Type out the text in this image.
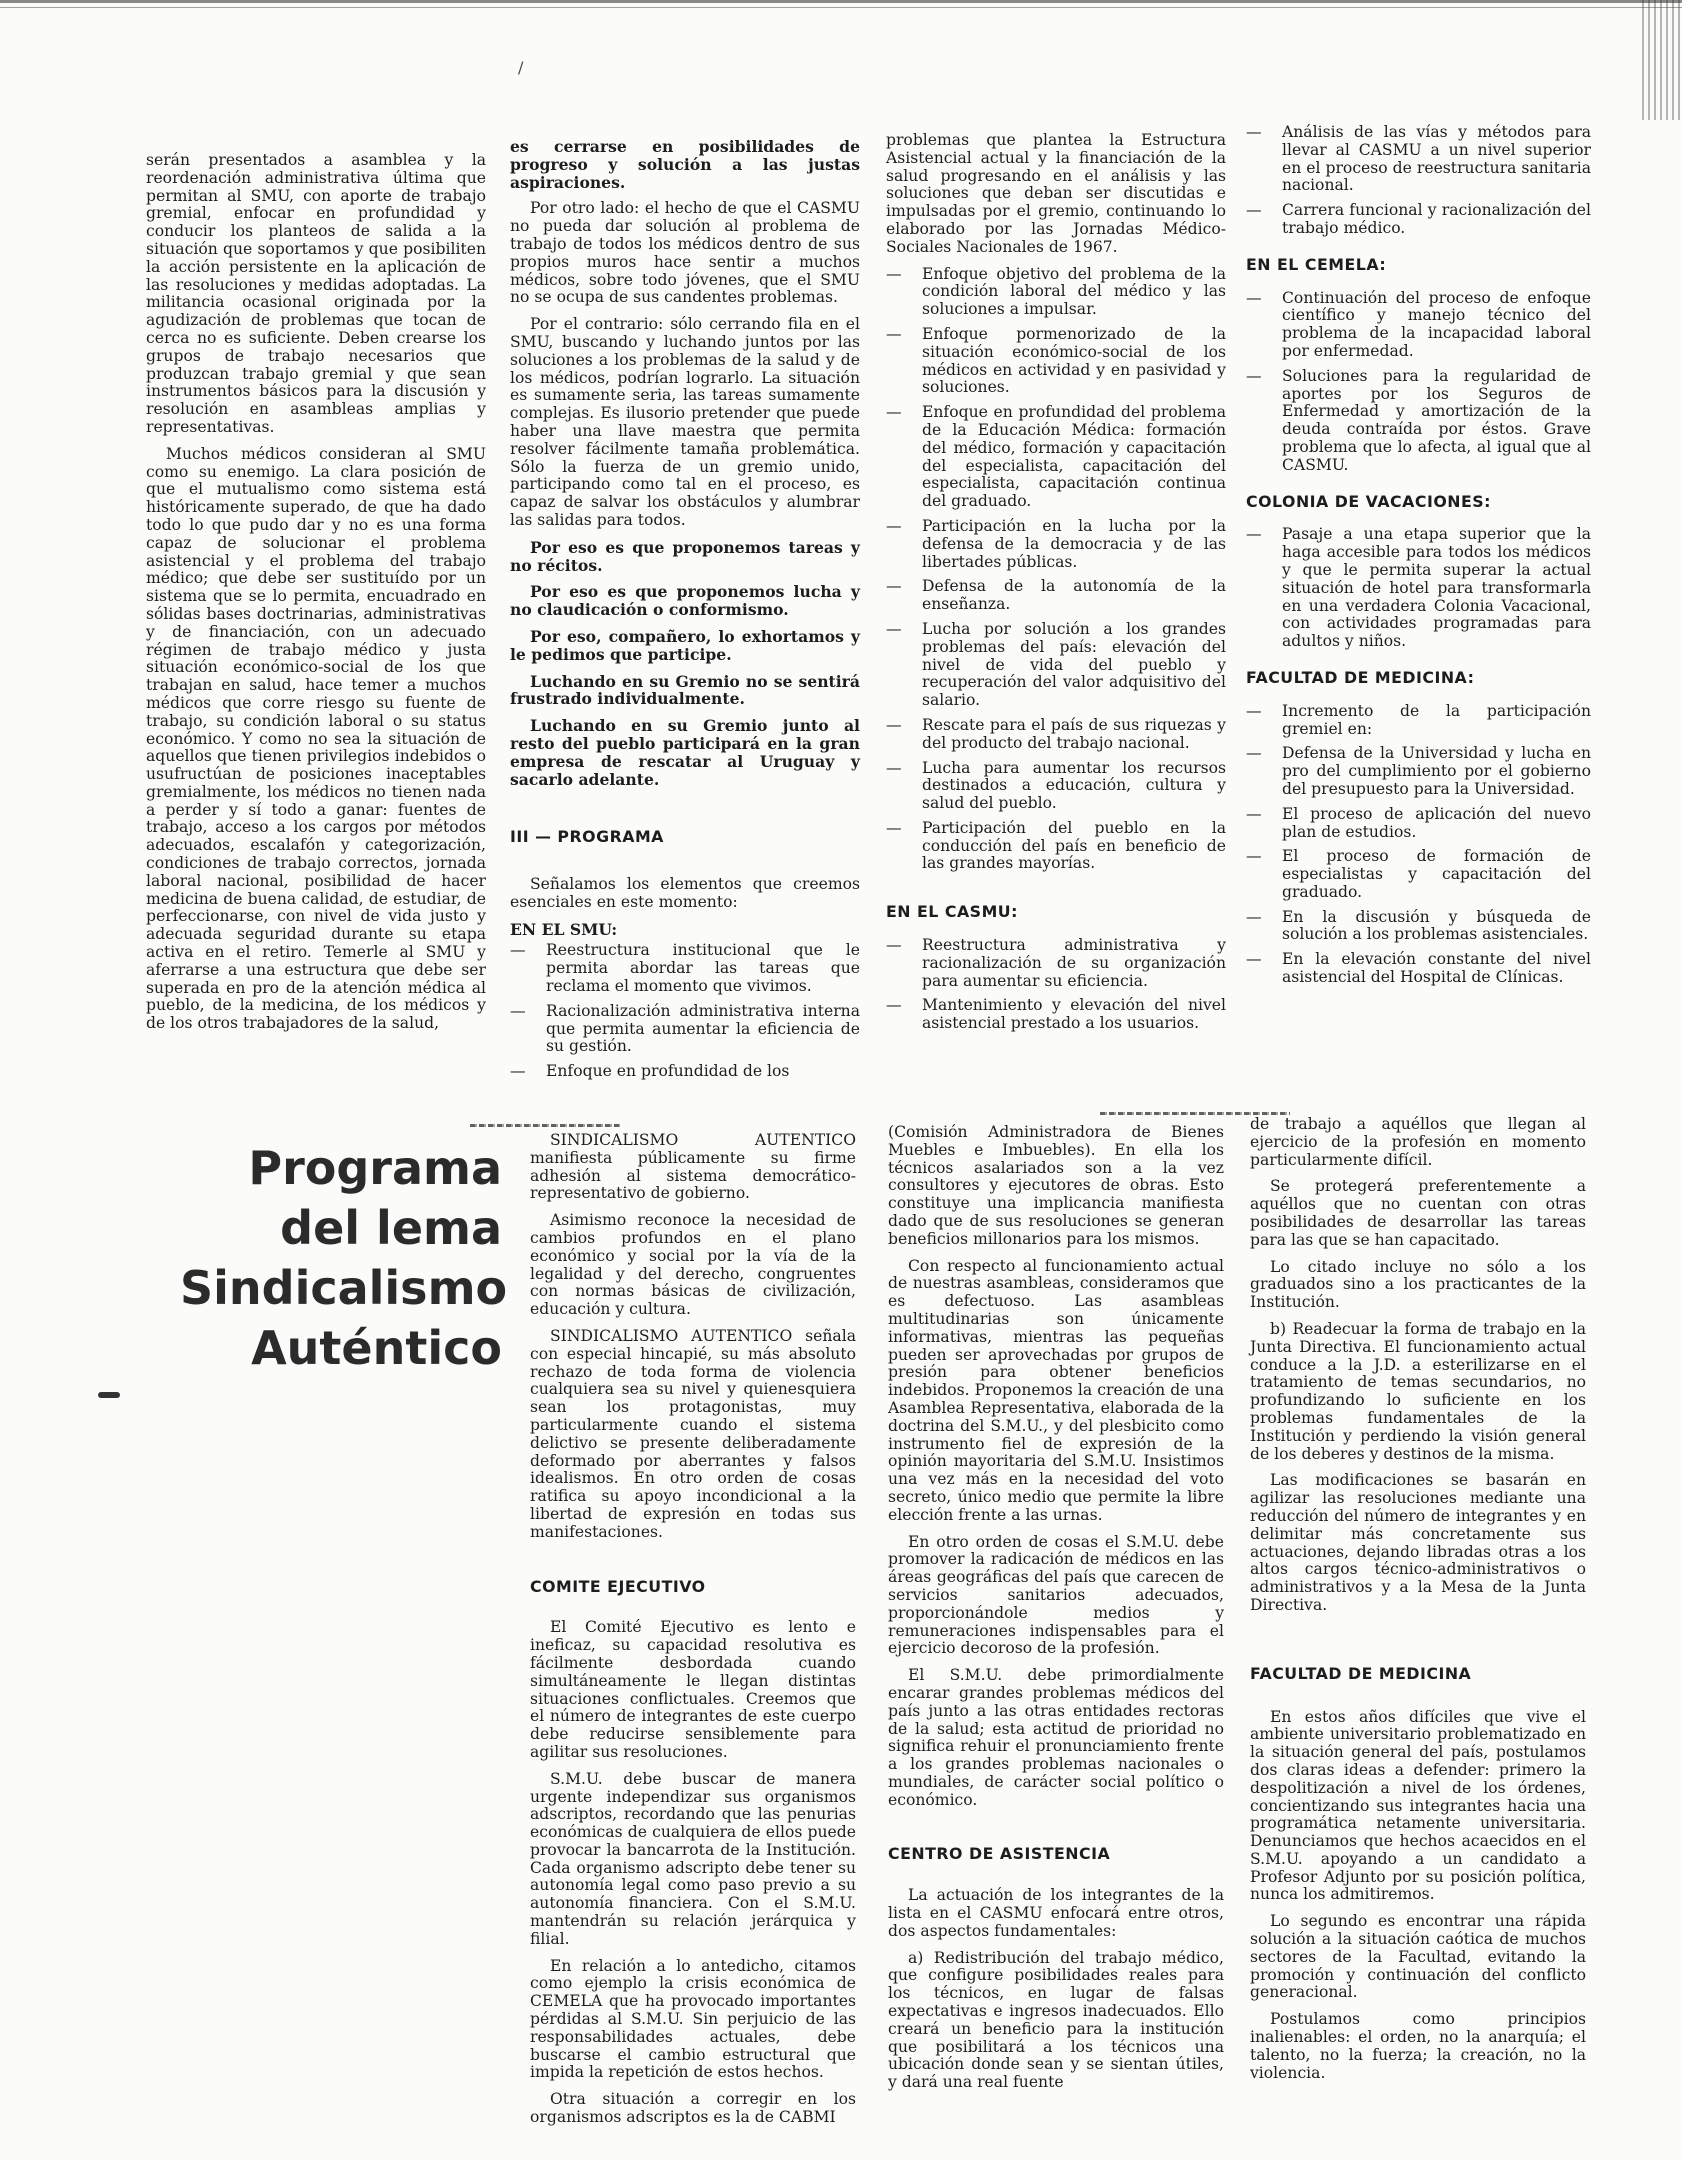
/

serán presentados a asamblea y la reordenación administrativa última que permitan al SMU, con aporte de trabajo gremial, enfocar en profundidad y conducir los planteos de salida a la situación que soportamos y que posibiliten la acción persistente en la aplicación de las resoluciones y medidas adoptadas. La militancia ocasional originada por la agudización de problemas que tocan de cerca no es suficiente. Deben crearse los grupos de trabajo necesarios que produzcan trabajo gremial y que sean instrumentos básicos para la discusión y resolución en asambleas amplias y representativas.

Muchos médicos consideran al SMU como su enemigo. La clara posición de que el mutualismo como sistema está históricamente superado, de que ha dado todo lo que pudo dar y no es una forma capaz de solucionar el problema asistencial y el problema del trabajo médico; que debe ser sustituído por un sistema que se lo permita, encuadrado en sólidas bases doctrinarias, administrativas y de financiación, con un adecuado régimen de trabajo médico y justa situación económico-social de los que trabajan en salud, hace temer a muchos médicos que corre riesgo su fuente de trabajo, su condición laboral o su status económico. Y como no sea la situación de aquellos que tienen privilegios indebidos o usufructúan de posiciones inaceptables gremialmente, los médicos no tienen nada a perder y sí todo a ganar: fuentes de trabajo, acceso a los cargos por métodos adecuados, escalafón y categorización, condiciones de trabajo correctos, jornada laboral nacional, posibilidad de hacer medicina de buena calidad, de estudiar, de perfeccionarse, con nivel de vida justo y adecuada seguridad durante su etapa activa en el retiro. Temerle al SMU y aferrarse a una estructura que debe ser superada en pro de la atención médica al pueblo, de la medicina, de los médicos y de los otros trabajadores de la salud,

es cerrarse en posibilidades de progreso y solución a las justas aspiraciones.

Por otro lado: el hecho de que el CASMU no pueda dar solución al problema de trabajo de todos los médicos dentro de sus propios muros hace sentir a muchos médicos, sobre todo jóvenes, que el SMU no se ocupa de sus candentes problemas.

Por el contrario: sólo cerrando fila en el SMU, buscando y luchando juntos por las soluciones a los problemas de la salud y de los médicos, podrían lograrlo. La situación es sumamente seria, las tareas sumamente complejas. Es ilusorio pretender que puede haber una llave maestra que permita resolver fácilmente tamaña problemática. Sólo la fuerza de un gremio unido, participando como tal en el proceso, es capaz de salvar los obstáculos y alumbrar las salidas para todos.

Por eso es que proponemos tareas y no récitos.

Por eso es que proponemos lucha y no claudicación o conformismo.

Por eso, compañero, lo exhortamos y le pedimos que participe.

Luchando en su Gremio no se sentirá frustrado individualmente.

Luchando en su Gremio junto al resto del pueblo participará en la gran empresa de rescatar al Uruguay y sacarlo adelante.

III — PROGRAMA

Señalamos los elementos que creemos esenciales en este momento:

EN EL SMU:

— Reestructura institucional que le permita abordar las tareas que reclama el momento que vivimos.
— Racionalización administrativa interna que permita aumentar la eficiencia de su gestión.
— Enfoque en profundidad de los

problemas que plantea la Estructura Asistencial actual y la financiación de la salud progresando en el análisis y las soluciones que deban ser discutidas e impulsadas por el gremio, continuando lo elaborado por las Jornadas Médico-Sociales Nacionales de 1967.

— Enfoque objetivo del problema de la condición laboral del médico y las soluciones a impulsar.
— Enfoque pormenorizado de la situación económico-social de los médicos en actividad y en pasividad y soluciones.
— Enfoque en profundidad del problema de la Educación Médica: formación del médico, formación y capacitación del especialista, capacitación del especialista, capacitación continua del graduado.
— Participación en la lucha por la defensa de la democracia y de las libertades públicas.
— Defensa de la autonomía de la enseñanza.
— Lucha por solución a los grandes problemas del país: elevación del nivel de vida del pueblo y recuperación del valor adquisitivo del salario.
— Rescate para el país de sus riquezas y del producto del trabajo nacional.
— Lucha para aumentar los recursos destinados a educación, cultura y salud del pueblo.
— Participación del pueblo en la conducción del país en beneficio de las grandes mayorías.
EN EL CASMU:
— Reestructura administrativa y racionalización de su organización para aumentar su eficiencia.
— Mantenimiento y elevación del nivel asistencial prestado a los usuarios.
— Análisis de las vías y métodos para llevar al CASMU a un nivel superior en el proceso de reestructura sanitaria nacional.
— Carrera funcional y racionalización del trabajo médico.
EN EL CEMELA:
— Continuación del proceso de enfoque científico y manejo técnico del problema de la incapacidad laboral por enfermedad.
— Soluciones para la regularidad de aportes por los Seguros de Enfermedad y amortización de la deuda contraída por éstos. Grave problema que lo afecta, al igual que al CASMU.
COLONIA DE VACACIONES:
— Pasaje a una etapa superior que la haga accesible para todos los médicos y que le permita superar la actual situación de hotel para transformarla en una verdadera Colonia Vacacional, con actividades programadas para adultos y niños.
FACULTAD DE MEDICINA:
— Incremento de la participación gremiel en:
— Defensa de la Universidad y lucha en pro del cumplimiento por el gobierno del presupuesto para la Universidad.
— El proceso de aplicación del nuevo plan de estudios.
— El proceso de formación de especialistas y capacitación del graduado.
— En la discusión y búsqueda de solución a los problemas asistenciales.
— En la elevación constante del nivel asistencial del Hospital de Clínicas.
Programa
del lema
Sindicalismo
Auténtico

SINDICALISMO AUTENTICO manifiesta públicamente su firme adhesión al sistema democrático-representativo de gobierno.

Asimismo reconoce la necesidad de cambios profundos en el plano económico y social por la vía de la legalidad y del derecho, congruentes con normas básicas de civilización, educación y cultura.

SINDICALISMO AUTENTICO señala con especial hincapié, su más absoluto rechazo de toda forma de violencia cualquiera sea su nivel y quienesquiera sean los protagonistas, muy particularmente cuando el sistema delictivo se presente deliberadamente deformado por aberrantes y falsos idealismos. En otro orden de cosas ratifica su apoyo incondicional a la libertad de expresión en todas sus manifestaciones.

COMITE EJECUTIVO

El Comité Ejecutivo es lento e ineficaz, su capacidad resolutiva es fácilmente desbordada cuando simultáneamente le llegan distintas situaciones conflictuales. Creemos que el número de integrantes de este cuerpo debe reducirse sensiblemente para agilitar sus resoluciones.

S.M.U. debe buscar de manera urgente independizar sus organismos adscriptos, recordando que las penurias económicas de cualquiera de ellos puede provocar la bancarrota de la Institución. Cada organismo adscripto debe tener su autonomía legal como paso previo a su autonomía financiera. Con el S.M.U. mantendrán su relación jerárquica y filial.

En relación a lo antedicho, citamos como ejemplo la crisis económica de CEMELA que ha provocado importantes pérdidas al S.M.U. Sin perjuicio de las responsabilidades actuales, debe buscarse el cambio estructural que impida la repetición de estos hechos.

Otra situación a corregir en los organismos adscriptos es la de CABMI

(Comisión Administradora de Bienes Muebles e Imbuebles). En ella los técnicos asalariados son a la vez consultores y ejecutores de obras. Esto constituye una implicancia manifiesta dado que de sus resoluciones se generan beneficios millonarios para los mismos.

Con respecto al funcionamiento actual de nuestras asambleas, consideramos que es defectuoso. Las asambleas multitudinarias son únicamente informativas, mientras las pequeñas pueden ser aprovechadas por grupos de presión para obtener beneficios indebidos. Proponemos la creación de una Asamblea Representativa, elaborada de la doctrina del S.M.U., y del plesbicito como instrumento fiel de expresión de la opinión mayoritaria del S.M.U. Insistimos una vez más en la necesidad del voto secreto, único medio que permite la libre elección frente a las urnas.

En otro orden de cosas el S.M.U. debe promover la radicación de médicos en las áreas geográficas del país que carecen de servicios sanitarios adecuados, proporcionándole medios y remuneraciones indispensables para el ejercicio decoroso de la profesión.

El S.M.U. debe primordialmente encarar grandes problemas médicos del país junto a las otras entidades rectoras de la salud; esta actitud de prioridad no significa rehuir el pronunciamiento frente a los grandes problemas nacionales o mundiales, de carácter social político o económico.

CENTRO DE ASISTENCIA

La actuación de los integrantes de la lista en el CASMU enfocará entre otros, dos aspectos fundamentales:

a) Redistribución del trabajo médico, que configure posibilidades reales para los técnicos, en lugar de falsas expectativas e ingresos inadecuados. Ello creará un beneficio para la institución que posibilitará a los técnicos una ubicación donde sean y se sientan útiles, y dará una real fuente

de trabajo a aquéllos que llegan al ejercicio de la profesión en momento particularmente difícil.

Se protegerá preferentemente a aquéllos que no cuentan con otras posibilidades de desarrollar las tareas para las que se han capacitado.

Lo citado incluye no sólo a los graduados sino a los practicantes de la Institución.

b) Readecuar la forma de trabajo en la Junta Directiva. El funcionamiento actual conduce a la J.D. a esterilizarse en el tratamiento de temas secundarios, no profundizando lo suficiente en los problemas fundamentales de la Institución y perdiendo la visión general de los deberes y destinos de la misma.

Las modificaciones se basarán en agilizar las resoluciones mediante una reducción del número de integrantes y en delimitar más concretamente sus actuaciones, dejando libradas otras a los altos cargos técnico-administrativos o administrativos y a la Mesa de la Junta Directiva.

FACULTAD DE MEDICINA

En estos años difíciles que vive el ambiente universitario problematizado en la situación general del país, postulamos dos claras ideas a defender: primero la despolitización a nivel de los órdenes, concientizando sus integrantes hacia una programática netamente universitaria. Denunciamos que hechos acaecidos en el S.M.U. apoyando a un candidato a Profesor Adjunto por su posición política, nunca los admitiremos.

Lo segundo es encontrar una rápida solución a la situación caótica de muchos sectores de la Facultad, evitando la promoción y continuación del conflicto generacional.

Postulamos como principios inalienables: el orden, no la anarquía; el talento, no la fuerza; la creación, no la violencia.
